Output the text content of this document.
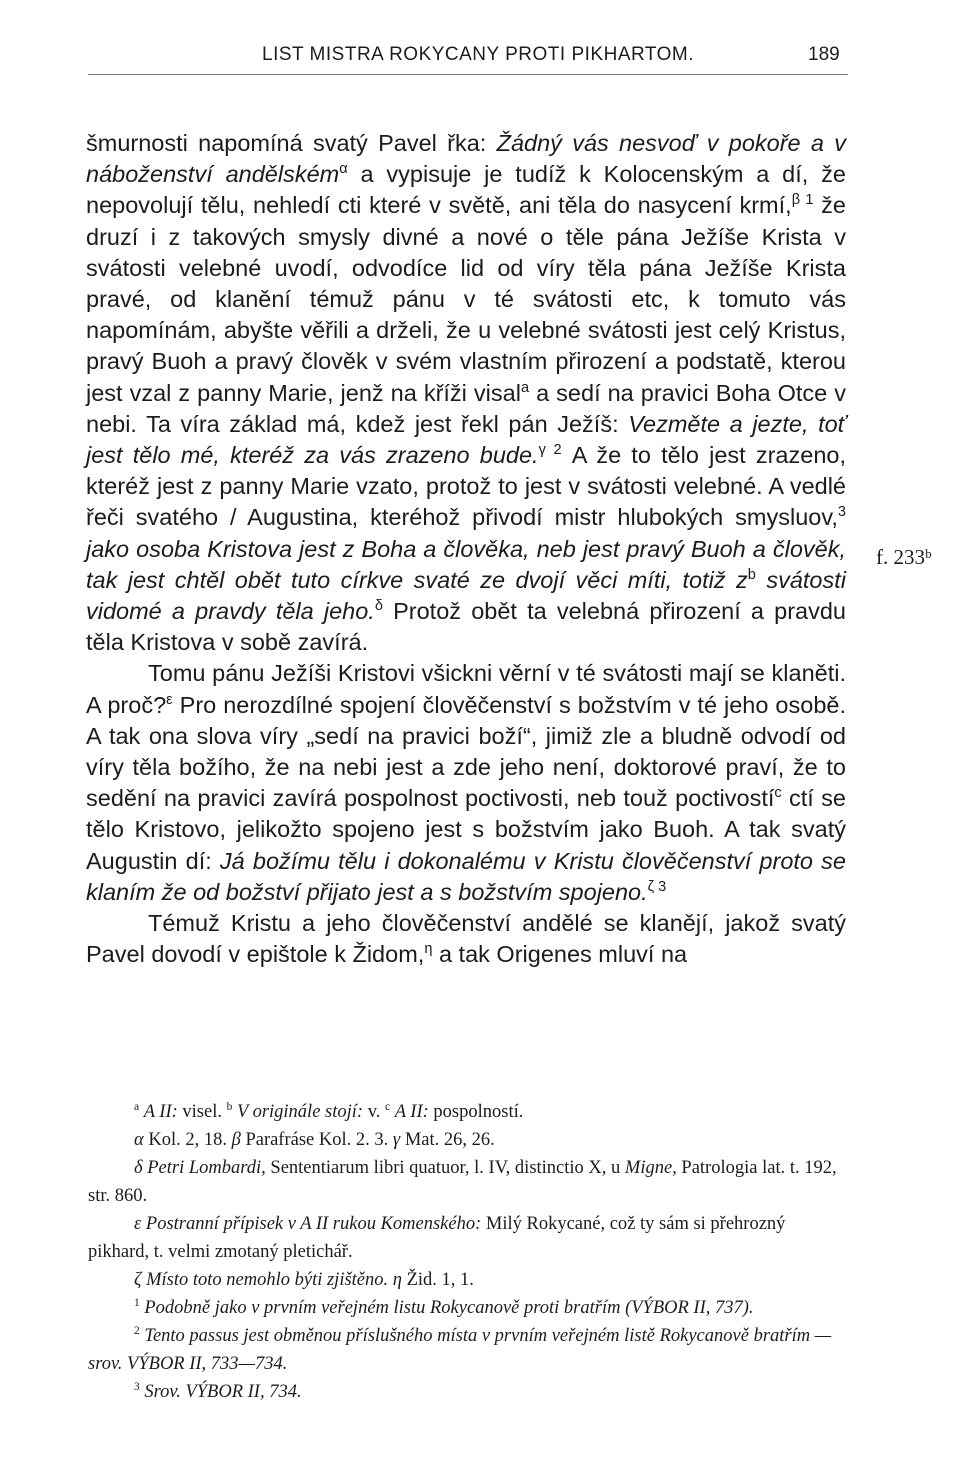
LIST MISTRA ROKYCANY PROTI PIKHARTOM.	189

šmurnosti napomíná svatý Pavel řka: Žádný vás nesvoď v pokoře a v náboženství andělském$^\alpha$ a vypisuje je tudíž k Kolocenským a dí, že nepovolují tělu, nehledí cti které v světě, ani těla do nasycení krmí,$^{\beta 1}$ že druzí i z takových smysly divné a nové o těle pána Ježíše Krista v svátosti velebné uvodí, odvodíce lid od víry těla pána Ježíše Krista pravé, od klanění témuž pánu v té svátosti etc, k tomuto vás napomínám, abyšte věřili a drželi, že u velebné svátosti jest celý Kristus, pravý Buoh a pravý člověk v svém vlastním přirození a podstatě, kterou jest vzal z panny Marie, jenž na kříži visal$^a$ a sedí na pravici Boha Otce v nebi. Ta víra základ má, kdež jest řekl pán Ježíš: Vezměte a jezte, toť jest tělo mé, kteréž za vás zrazeno bude.$^{\gamma 2}$ A že to tělo jest zrazeno, kteréž jest z panny Marie vzato, protož to jest v svátosti velebné. A vedlé řeči svatého / Augustina, kteréhož přivodí mistr hlubokých smysluov,$^3$ jako osoba Kristova jest z Boha a člověka, neb jest pravý Buoh a člověk, tak jest chtěl obět tuto církve svaté ze dvojí věci míti, totiž $z^b$ svátosti vidomé a pravdy těla jeho.$^\delta$ Protož obět ta velebná přirození a pravdu těla Kristova v sobě zavírá.

Tomu pánu Ježíši Kristovi všickni věrní v té svátosti mají se klaněti. A proč?$^\varepsilon$ Pro nerozdílné spojení člověčenství s božstvím v té jeho osobě. A tak ona slova víry „sedí na pravici boží“, jimiž zle a bludně odvodí od víry těla božího, že na nebi jest a zde jeho není, doktorové praví, že to sedění na pravici zavírá pospolnost poctivosti, neb touž poctivostí$^c$ ctí se tělo Kristovo, jelikožto spojeno jest s božstvím jako Buoh. A tak svatý Augustin dí: Já božímu tělu i dokonalému v Kristu člověčenství proto se klaním že od božství přijato jest a s božstvím spojeno.$^{\zeta 3}$

Témuž Kristu a jeho člověčenství andělé se klanějí, jakož svatý Pavel dovodí v epištole k Židom,$^\eta$ a tak Origenes mluví na

f. 233ᵇ
$^a$ A II: visel. $^b$ V originále stojí: v. $^c$ A II: pospolností.
α Kol. 2, 18. β Parafráse Kol. 2. 3. γ Mat. 26, 26.
δ Petri Lombardi, Sententiarum libri quatuor, l. IV, distinctio X, u Migne, Patrologia lat. t. 192, str. 860.
ε Postranní přípisek v A II rukou Komenského: Milý Rokycané, což ty sám si přehrozný pikhard, t. velmi zmotaný pletichář.
ζ Místo toto nemohlo býti zjištěno. η Žid. 1, 1.
$^1$ Podobně jako v prvním veřejném listu Rokycanově proti bratřím (VÝBOR II, 737).
$^2$ Tento passus jest obměnou příslušného místa v prvním veřejném listě Rokycanově bratřím — srov. VÝBOR II, 733—734.
$^3$ Srov. VÝBOR II, 734.
